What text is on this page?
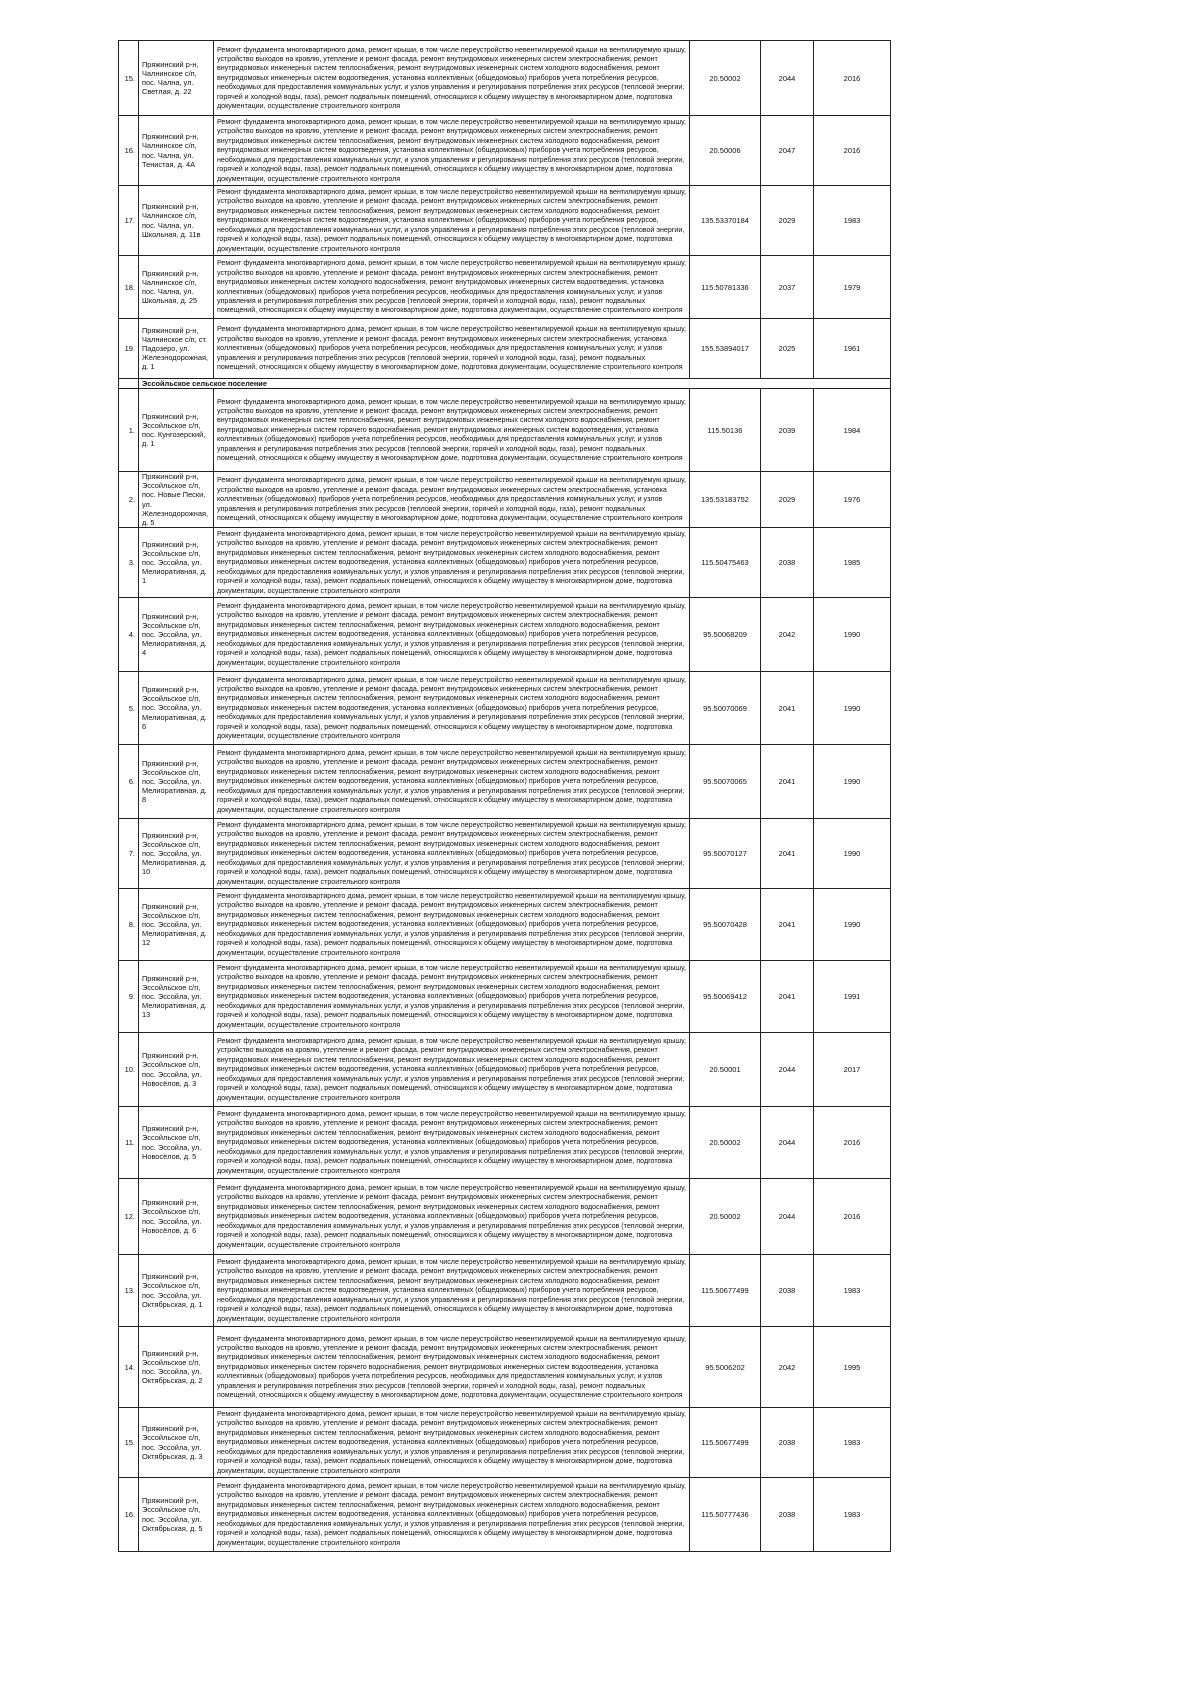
15.	Пряжинский р-н, Чалнинское с/п, пос. Чална, ул. Светлая, д. 22	Ремонт фундамента многоквартирного дома, ремонт крыши, в том числе переустройство невентилируемой крыши на вентилируемую крышу, устройство выходов на кровлю, утепление и ремонт фасада, ремонт внутридомовых инженерных систем электроснабжения, ремонт внутридомовых инженерных систем теплоснабжения, ремонт внутридомовых инженерных систем холодного водоснабжения, ремонт внутридомовых инженерных систем водоотведения, установка коллективных (общедомовых) приборов учета потребления ресурсов, необходимых для предоставления коммунальных услуг, и узлов управления и регулирования потребления этих ресурсов (тепловой энергии, горячей и холодной воды, газа), ремонт подвальных помещений, относящихся к общему имуществу в многоквартирном доме, подготовка документации, осуществление строительного контроля	20.50002	2044	2016
16.	Пряжинский р-н, Чалнинское с/п, пос. Чална, ул. Тенистая, д. 4А	Ремонт фундамента многоквартирного дома, ремонт крыши, в том числе переустройство невентилируемой крыши на вентилируемую крышу, устройство выходов на кровлю, утепление и ремонт фасада, ремонт внутридомовых инженерных систем электроснабжения, ремонт внутридомовых инженерных систем теплоснабжения, ремонт внутридомовых инженерных систем холодного водоснабжения, ремонт внутридомовых инженерных систем водоотведения, установка коллективных (общедомовых) приборов учета потребления ресурсов, необходимых для предоставления коммунальных услуг, и узлов управления и регулирования потребления этих ресурсов (тепловой энергии, горячей и холодной воды, газа), ремонт подвальных помещений, относящихся к общему имуществу в многоквартирном доме, подготовка документации, осуществление строительного контроля	20.50006	2047	2016
17.	Пряжинский р-н, Чалнинское с/п, пос. Чална, ул. Школьная, д. 11в	Ремонт фундамента многоквартирного дома, ремонт крыши, в том числе переустройство невентилируемой крыши на вентилируемую крышу, устройство выходов на кровлю, утепление и ремонт фасада, ремонт внутридомовых инженерных систем электроснабжения, ремонт внутридомовых инженерных систем теплоснабжения, ремонт внутридомовых инженерных систем холодного водоснабжения, ремонт внутридомовых инженерных систем водоотведения, установка коллективных (общедомовых) приборов учета потребления ресурсов, необходимых для предоставления коммунальных услуг, и узлов управления и регулирования потребления этих ресурсов (тепловой энергии, горячей и холодной воды, газа), ремонт подвальных помещений, относящихся к общему имуществу в многоквартирном доме, подготовка документации, осуществление строительного контроля	135.53370184	2029	1983
18.	Пряжинский р-н, Чалнинское с/п, пос. Чална, ул. Школьная, д. 25	Ремонт фундамента многоквартирного дома, ремонт крыши, в том числе переустройство невентилируемой крыши на вентилируемую крышу, устройство выходов на кровлю, утепление и ремонт фасада, ремонт внутридомовых инженерных систем электроснабжения, ремонт внутридомовых инженерных систем холодного водоснабжения, ремонт внутридомовых инженерных систем водоотведения, установка коллективных (общедомовых) приборов учета потребления ресурсов, необходимых для предоставления коммунальных услуг, и узлов управления и регулирования потребления этих ресурсов (тепловой энергии, горячей и холодной воды, газа), ремонт подвальных помещений, относящихся к общему имуществу в многоквартирном доме, подготовка документации, осуществление строительного контроля	115.50781336	2037	1979
19.	Пряжинский р-н, Чалнинское с/п, ст. Падозеро, ул. Железнодорожная, д. 1	Ремонт фундамента многоквартирного дома, ремонт крыши, в том числе переустройство невентилируемой крыши на вентилируемую крышу, устройство выходов на кровлю, утепление и ремонт фасада, ремонт внутридомовых инженерных систем электроснабжения, установка коллективных (общедомовых) приборов учета потребления ресурсов, необходимых для предоставления коммунальных услуг, и узлов управления и регулирования потребления этих ресурсов (тепловой энергии, горячей и холодной воды, газа), ремонт подвальных помещений, относящихся к общему имуществу в многоквартирном доме, подготовка документации, осуществление строительного контроля	155.53894017	2025	1961
	Эссойльское сельское поселение				
1.	Пряжинский р-н, Эссойльское с/п, пос. Кунгозерский, д. 1	Ремонт фундамента многоквартирного дома, ремонт крыши, в том числе переустройство невентилируемой крыши на вентилируемую крышу, устройство выходов на кровлю, утепление и ремонт фасада, ремонт внутридомовых инженерных систем электроснабжения, ремонт внутридомовых инженерных систем теплоснабжения, ремонт внутридомовых инженерных систем холодного водоснабжения, ремонт внутридомовых инженерных систем горячего водоснабжения, ремонт внутридомовых инженерных систем водоотведения, установка коллективных (общедомовых) приборов учета потребления ресурсов, необходимых для предоставления коммунальных услуг, и узлов управления и регулирования потребления этих ресурсов (тепловой энергии, горячей и холодной воды, газа), ремонт подвальных помещений, относящихся к общему имуществу в многоквартирном доме, подготовка документации, осуществление строительного контроля	115.50136	2039	1984
2.	Пряжинский р-н, Эссойльское с/п, пос. Новые Пески, ул. Железнодорожная, д. 5	Ремонт фундамента многоквартирного дома, ремонт крыши, в том числе переустройство невентилируемой крыши на вентилируемую крышу, устройство выходов на кровлю, утепление и ремонт фасада, ремонт внутридомовых инженерных систем электроснабжения, установка коллективных (общедомовых) приборов учета потребления ресурсов, необходимых для предоставления коммунальных услуг, и узлов управления и регулирования потребления этих ресурсов (тепловой энергии, горячей и холодной воды, газа), ремонт подвальных помещений, относящихся к общему имуществу в многоквартирном доме, подготовка документации, осуществление строительного контроля	135.53183752	2029	1976
3.	Пряжинский р-н, Эссойльское с/п, пос. Эссойла, ул. Мелиоративная, д. 1	Ремонт фундамента многоквартирного дома, ремонт крыши, в том числе переустройство невентилируемой крыши на вентилируемую крышу, устройство выходов на кровлю, утепление и ремонт фасада, ремонт внутридомовых инженерных систем электроснабжения, ремонт внутридомовых инженерных систем теплоснабжения, ремонт внутридомовых инженерных систем холодного водоснабжения, ремонт внутридомовых инженерных систем водоотведения, установка коллективных (общедомовых) приборов учета потребления ресурсов, необходимых для предоставления коммунальных услуг, и узлов управления и регулирования потребления этих ресурсов (тепловой энергии, горячей и холодной воды, газа), ремонт подвальных помещений, относящихся к общему имуществу в многоквартирном доме, подготовка документации, осуществление строительного контроля	115.50475463	2038	1985
4.	Пряжинский р-н, Эссойльское с/п, пос. Эссойла, ул. Мелиоративная, д. 4	Ремонт фундамента многоквартирного дома, ремонт крыши, в том числе переустройство невентилируемой крыши на вентилируемую крышу, устройство выходов на кровлю, утепление и ремонт фасада, ремонт внутридомовых инженерных систем электроснабжения, ремонт внутридомовых инженерных систем теплоснабжения, ремонт внутридомовых инженерных систем холодного водоснабжения, ремонт внутридомовых инженерных систем водоотведения, установка коллективных (общедомовых) приборов учета потребления ресурсов, необходимых для предоставления коммунальных услуг, и узлов управления и регулирования потребления этих ресурсов (тепловой энергии, горячей и холодной воды, газа), ремонт подвальных помещений, относящихся к общему имуществу в многоквартирном доме, подготовка документации, осуществление строительного контроля	95.50068209	2042	1990
5.	Пряжинский р-н, Эссойльское с/п, пос. Эссойла, ул. Мелиоративная, д. 6	Ремонт фундамента многоквартирного дома, ремонт крыши, в том числе переустройство невентилируемой крыши на вентилируемую крышу, устройство выходов на кровлю, утепление и ремонт фасада, ремонт внутридомовых инженерных систем электроснабжения, ремонт внутридомовых инженерных систем теплоснабжения, ремонт внутридомовых инженерных систем холодного водоснабжения, ремонт внутридомовых инженерных систем водоотведения, установка коллективных (общедомовых) приборов учета потребления ресурсов, необходимых для предоставления коммунальных услуг, и узлов управления и регулирования потребления этих ресурсов (тепловой энергии, горячей и холодной воды, газа), ремонт подвальных помещений, относящихся к общему имуществу в многоквартирном доме, подготовка документации, осуществление строительного контроля	95.50070069	2041	1990
6.	Пряжинский р-н, Эссойльское с/п, пос. Эссойла, ул. Мелиоративная, д. 8	Ремонт фундамента многоквартирного дома, ремонт крыши, в том числе переустройство невентилируемой крыши на вентилируемую крышу, устройство выходов на кровлю, утепление и ремонт фасада, ремонт внутридомовых инженерных систем электроснабжения, ремонт внутридомовых инженерных систем теплоснабжения, ремонт внутридомовых инженерных систем холодного водоснабжения, ремонт внутридомовых инженерных систем водоотведения, установка коллективных (общедомовых) приборов учета потребления ресурсов, необходимых для предоставления коммунальных услуг, и узлов управления и регулирования потребления этих ресурсов (тепловой энергии, горячей и холодной воды, газа), ремонт подвальных помещений, относящихся к общему имуществу в многоквартирном доме, подготовка документации, осуществление строительного контроля	95.50070065	2041	1990
7.	Пряжинский р-н, Эссойльское с/п, пос. Эссойла, ул. Мелиоративная, д. 10	Ремонт фундамента многоквартирного дома, ремонт крыши, в том числе переустройство невентилируемой крыши на вентилируемую крышу, устройство выходов на кровлю, утепление и ремонт фасада, ремонт внутридомовых инженерных систем электроснабжения, ремонт внутридомовых инженерных систем теплоснабжения, ремонт внутридомовых инженерных систем холодного водоснабжения, ремонт внутридомовых инженерных систем водоотведения, установка коллективных (общедомовых) приборов учета потребления ресурсов, необходимых для предоставления коммунальных услуг, и узлов управления и регулирования потребления этих ресурсов (тепловой энергии, горячей и холодной воды, газа), ремонт подвальных помещений, относящихся к общему имуществу в многоквартирном доме, подготовка документации, осуществление строительного контроля	95.50070127	2041	1990
8.	Пряжинский р-н, Эссойльское с/п, пос. Эссойла, ул. Мелиоративная, д. 12	Ремонт фундамента многоквартирного дома, ремонт крыши, в том числе переустройство невентилируемой крыши на вентилируемую крышу, устройство выходов на кровлю, утепление и ремонт фасада, ремонт внутридомовых инженерных систем электроснабжения, ремонт внутридомовых инженерных систем теплоснабжения, ремонт внутридомовых инженерных систем холодного водоснабжения, ремонт внутридомовых инженерных систем водоотведения, установка коллективных (общедомовых) приборов учета потребления ресурсов, необходимых для предоставления коммунальных услуг, и узлов управления и регулирования потребления этих ресурсов (тепловой энергии, горячей и холодной воды, газа), ремонт подвальных помещений, относящихся к общему имуществу в многоквартирном доме, подготовка документации, осуществление строительного контроля	95.50070428	2041	1990
9.	Пряжинский р-н, Эссойльское с/п, пос. Эссойла, ул. Мелиоративная, д. 13	Ремонт фундамента многоквартирного дома, ремонт крыши, в том числе переустройство невентилируемой крыши на вентилируемую крышу, устройство выходов на кровлю, утепление и ремонт фасада, ремонт внутридомовых инженерных систем электроснабжения, ремонт внутридомовых инженерных систем теплоснабжения, ремонт внутридомовых инженерных систем холодного водоснабжения, ремонт внутридомовых инженерных систем водоотведения, установка коллективных (общедомовых) приборов учета потребления ресурсов, необходимых для предоставления коммунальных услуг, и узлов управления и регулирования потребления этих ресурсов (тепловой энергии, горячей и холодной воды, газа), ремонт подвальных помещений, относящихся к общему имуществу в многоквартирном доме, подготовка документации, осуществление строительного контроля	95.50069412	2041	1991
10.	Пряжинский р-н, Эссойльское с/п, пос. Эссойла, ул. Новосёлов, д. 3	Ремонт фундамента многоквартирного дома, ремонт крыши, в том числе переустройство невентилируемой крыши на вентилируемую крышу, устройство выходов на кровлю, утепление и ремонт фасада, ремонт внутридомовых инженерных систем электроснабжения, ремонт внутридомовых инженерных систем теплоснабжения, ремонт внутридомовых инженерных систем холодного водоснабжения, ремонт внутридомовых инженерных систем водоотведения, установка коллективных (общедомовых) приборов учета потребления ресурсов, необходимых для предоставления коммунальных услуг, и узлов управления и регулирования потребления этих ресурсов (тепловой энергии, горячей и холодной воды, газа), ремонт подвальных помещений, относящихся к общему имуществу в многоквартирном доме, подготовка документации, осуществление строительного контроля	20.50001	2044	2017
11.	Пряжинский р-н, Эссойльское с/п, пос. Эссойла, ул. Новосёлов, д. 5	Ремонт фундамента многоквартирного дома, ремонт крыши, в том числе переустройство невентилируемой крыши на вентилируемую крышу, устройство выходов на кровлю, утепление и ремонт фасада, ремонт внутридомовых инженерных систем электроснабжения, ремонт внутридомовых инженерных систем теплоснабжения, ремонт внутридомовых инженерных систем холодного водоснабжения, ремонт внутридомовых инженерных систем водоотведения, установка коллективных (общедомовых) приборов учета потребления ресурсов, необходимых для предоставления коммунальных услуг, и узлов управления и регулирования потребления этих ресурсов (тепловой энергии, горячей и холодной воды, газа), ремонт подвальных помещений, относящихся к общему имуществу в многоквартирном доме, подготовка документации, осуществление строительного контроля	20.50002	2044	2016
12.	Пряжинский р-н, Эссойльское с/п, пос. Эссойла, ул. Новосёлов, д. 6	Ремонт фундамента многоквартирного дома, ремонт крыши, в том числе переустройство невентилируемой крыши на вентилируемую крышу, устройство выходов на кровлю, утепление и ремонт фасада, ремонт внутридомовых инженерных систем электроснабжения, ремонт внутридомовых инженерных систем теплоснабжения, ремонт внутридомовых инженерных систем холодного водоснабжения, ремонт внутридомовых инженерных систем водоотведения, установка коллективных (общедомовых) приборов учета потребления ресурсов, необходимых для предоставления коммунальных услуг, и узлов управления и регулирования потребления этих ресурсов (тепловой энергии, горячей и холодной воды, газа), ремонт подвальных помещений, относящихся к общему имуществу в многоквартирном доме, подготовка документации, осуществление строительного контроля	20.50002	2044	2016
13.	Пряжинский р-н, Эссойльское с/п, пос. Эссойла, ул. Октябрьская, д. 1	Ремонт фундамента многоквартирного дома, ремонт крыши, в том числе переустройство невентилируемой крыши на вентилируемую крышу, устройство выходов на кровлю, утепление и ремонт фасада, ремонт внутридомовых инженерных систем электроснабжения, ремонт внутридомовых инженерных систем теплоснабжения, ремонт внутридомовых инженерных систем холодного водоснабжения, ремонт внутридомовых инженерных систем водоотведения, установка коллективных (общедомовых) приборов учета потребления ресурсов, необходимых для предоставления коммунальных услуг, и узлов управления и регулирования потребления этих ресурсов (тепловой энергии, горячей и холодной воды, газа), ремонт подвальных помещений, относящихся к общему имуществу в многоквартирном доме, подготовка документации, осуществление строительного контроля	115.50677499	2038	1983
14.	Пряжинский р-н, Эссойльское с/п, пос. Эссойла, ул. Октябрьская, д. 2	Ремонт фундамента многоквартирного дома, ремонт крыши, в том числе переустройство невентилируемой крыши на вентилируемую крышу, устройство выходов на кровлю, утепление и ремонт фасада, ремонт внутридомовых инженерных систем электроснабжения, ремонт внутридомовых инженерных систем теплоснабжения, ремонт внутридомовых инженерных систем холодного водоснабжения, ремонт внутридомовых инженерных систем горячего водоснабжения, ремонт внутридомовых инженерных систем водоотведения, установка коллективных (общедомовых) приборов учета потребления ресурсов, необходимых для предоставления коммунальных услуг, и узлов управления и регулирования потребления этих ресурсов (тепловой энергии, горячей и холодной воды, газа), ремонт подвальных помещений, относящихся к общему имуществу в многоквартирном доме, подготовка документации, осуществление строительного контроля	95.5006202	2042	1995
15.	Пряжинский р-н, Эссойльское с/п, пос. Эссойла, ул. Октябрьская, д. 3	Ремонт фундамента многоквартирного дома, ремонт крыши, в том числе переустройство невентилируемой крыши на вентилируемую крышу, устройство выходов на кровлю, утепление и ремонт фасада, ремонт внутридомовых инженерных систем электроснабжения, ремонт внутридомовых инженерных систем теплоснабжения, ремонт внутридомовых инженерных систем холодного водоснабжения, ремонт внутридомовых инженерных систем водоотведения, установка коллективных (общедомовых) приборов учета потребления ресурсов, необходимых для предоставления коммунальных услуг, и узлов управления и регулирования потребления этих ресурсов (тепловой энергии, горячей и холодной воды, газа), ремонт подвальных помещений, относящихся к общему имуществу в многоквартирном доме, подготовка документации, осуществление строительного контроля	115.50677499	2038	1983
16.	Пряжинский р-н, Эссойльское с/п, пос. Эссойла, ул. Октябрьская, д. 5	Ремонт фундамента многоквартирного дома, ремонт крыши, в том числе переустройство невентилируемой крыши на вентилируемую крышу, устройство выходов на кровлю, утепление и ремонт фасада, ремонт внутридомовых инженерных систем электроснабжения, ремонт внутридомовых инженерных систем теплоснабжения, ремонт внутридомовых инженерных систем холодного водоснабжения, ремонт внутридомовых инженерных систем водоотведения, установка коллективных (общедомовых) приборов учета потребления ресурсов, необходимых для предоставления коммунальных услуг, и узлов управления и регулирования потребления этих ресурсов (тепловой энергии, горячей и холодной воды, газа), ремонт подвальных помещений, относящихся к общему имуществу в многоквартирном доме, подготовка документации, осуществление строительного контроля	115.50777436	2038	1983
